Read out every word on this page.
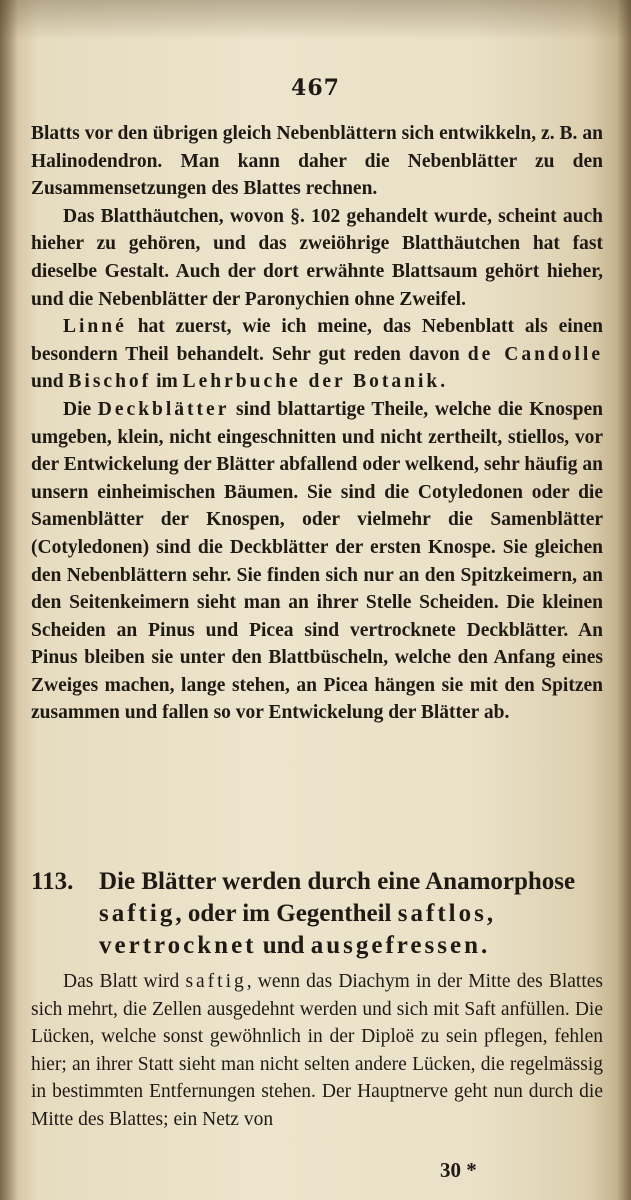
467

Blatts vor den übrigen gleich Nebenblättern sich entwikkeln, z. B. an Halinodendron. Man kann daher die Nebenblätter zu den Zusammensetzungen des Blattes rechnen.

Das Blatthäutchen, wovon §. 102 gehandelt wurde, scheint auch hieher zu gehören, und das zweiöhrige Blatthäutchen hat fast dieselbe Gestalt. Auch der dort erwähnte Blattsaum gehört hieher, und die Nebenblätter der Paronychien ohne Zweifel.

Linné hat zuerst, wie ich meine, das Nebenblatt als einen besondern Theil behandelt. Sehr gut reden davon de Candolle und Bischof im Lehrbuche der Botanik.

Die Deckblätter sind blattartige Theile, welche die Knospen umgeben, klein, nicht eingeschnitten und nicht zertheilt, stiellos, vor der Entwickelung der Blätter abfallend oder welkend, sehr häufig an unsern einheimischen Bäumen. Sie sind die Cotyledonen oder die Samenblätter der Knospen, oder vielmehr die Samenblätter (Cotyledonen) sind die Deckblätter der ersten Knospe. Sie gleichen den Nebenblättern sehr. Sie finden sich nur an den Spitzkeimern, an den Seitenkeimern sieht man an ihrer Stelle Scheiden. Die kleinen Scheiden an Pinus und Picea sind vertrocknete Deckblätter. An Pinus bleiben sie unter den Blattbüscheln, welche den Anfang eines Zweiges machen, lange stehen, an Picea hängen sie mit den Spitzen zusammen und fallen so vor Entwickelung der Blätter ab.

113. Die Blätter werden durch eine Anamorphose saftig, oder im Gegentheil saftlos, vertrocknet und ausgefressen.

Das Blatt wird saftig, wenn das Diachym in der Mitte des Blattes sich mehrt, die Zellen ausgedehnt werden und sich mit Saft anfüllen. Die Lücken, welche sonst gewöhnlich in der Diploë zu sein pflegen, fehlen hier; an ihrer Statt sieht man nicht selten andere Lücken, die regelmässig in bestimmten Entfernungen stehen. Der Hauptnerve geht nun durch die Mitte des Blattes; ein Netz von

30 *
